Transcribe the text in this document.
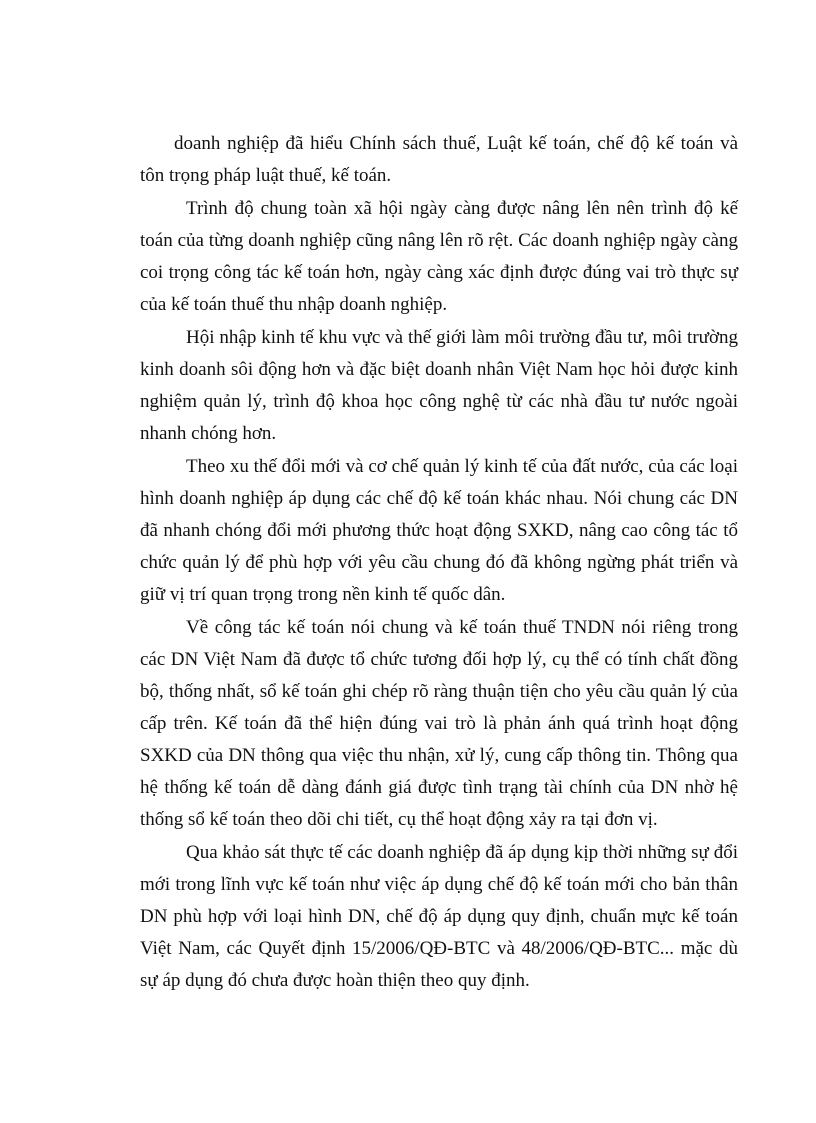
doanh nghiệp đã hiểu Chính sách thuế, Luật kế toán, chế độ kế toán và tôn trọng pháp luật thuế, kế toán.

Trình độ chung toàn xã hội ngày càng được nâng lên nên trình độ kế toán của từng doanh nghiệp cũng nâng lên rõ rệt. Các doanh nghiệp ngày càng coi trọng công tác kế toán hơn, ngày càng xác định được đúng vai trò thực sự của kế toán thuế thu nhập doanh nghiệp.

Hội nhập kinh tế khu vực và thế giới làm môi trường đầu tư, môi trường kinh doanh sôi động hơn và đặc biệt doanh nhân Việt Nam học hỏi được kinh nghiệm quản lý, trình độ khoa học công nghệ từ các nhà đầu tư nước ngoài nhanh chóng hơn.

Theo xu thế đổi mới và cơ chế quản lý kinh tế của đất nước, của các loại hình doanh nghiệp áp dụng các chế độ kế toán khác nhau. Nói chung các DN đã nhanh chóng đổi mới phương thức hoạt động SXKD, nâng cao công tác tổ chức quản lý để phù hợp với yêu cầu chung đó đã không ngừng phát triển và giữ vị trí quan trọng trong nền kinh tế quốc dân.

Về công tác kế toán nói chung và kế toán thuế TNDN nói riêng trong các DN Việt Nam đã được tổ chức tương đối hợp lý, cụ thể có tính chất đồng bộ, thống nhất, sổ kế toán ghi chép rõ ràng thuận tiện cho yêu cầu quản lý của cấp trên. Kế toán đã thể hiện đúng vai trò là phản ánh quá trình hoạt động SXKD của DN thông qua việc thu nhận, xử lý, cung cấp thông tin. Thông qua hệ thống kế toán dễ dàng đánh giá được tình trạng tài chính của DN nhờ hệ thống sổ kế toán theo dõi chi tiết, cụ thể hoạt động xảy ra tại đơn vị.

Qua khảo sát thực tế các doanh nghiệp đã áp dụng kịp thời những sự đổi mới trong lĩnh vực kế toán như việc áp dụng chế độ kế toán mới cho bản thân DN phù hợp với loại hình DN, chế độ áp dụng quy định, chuẩn mực kế toán Việt Nam, các Quyết định 15/2006/QĐ-BTC và 48/2006/QĐ-BTC... mặc dù sự áp dụng đó chưa được hoàn thiện theo quy định.
